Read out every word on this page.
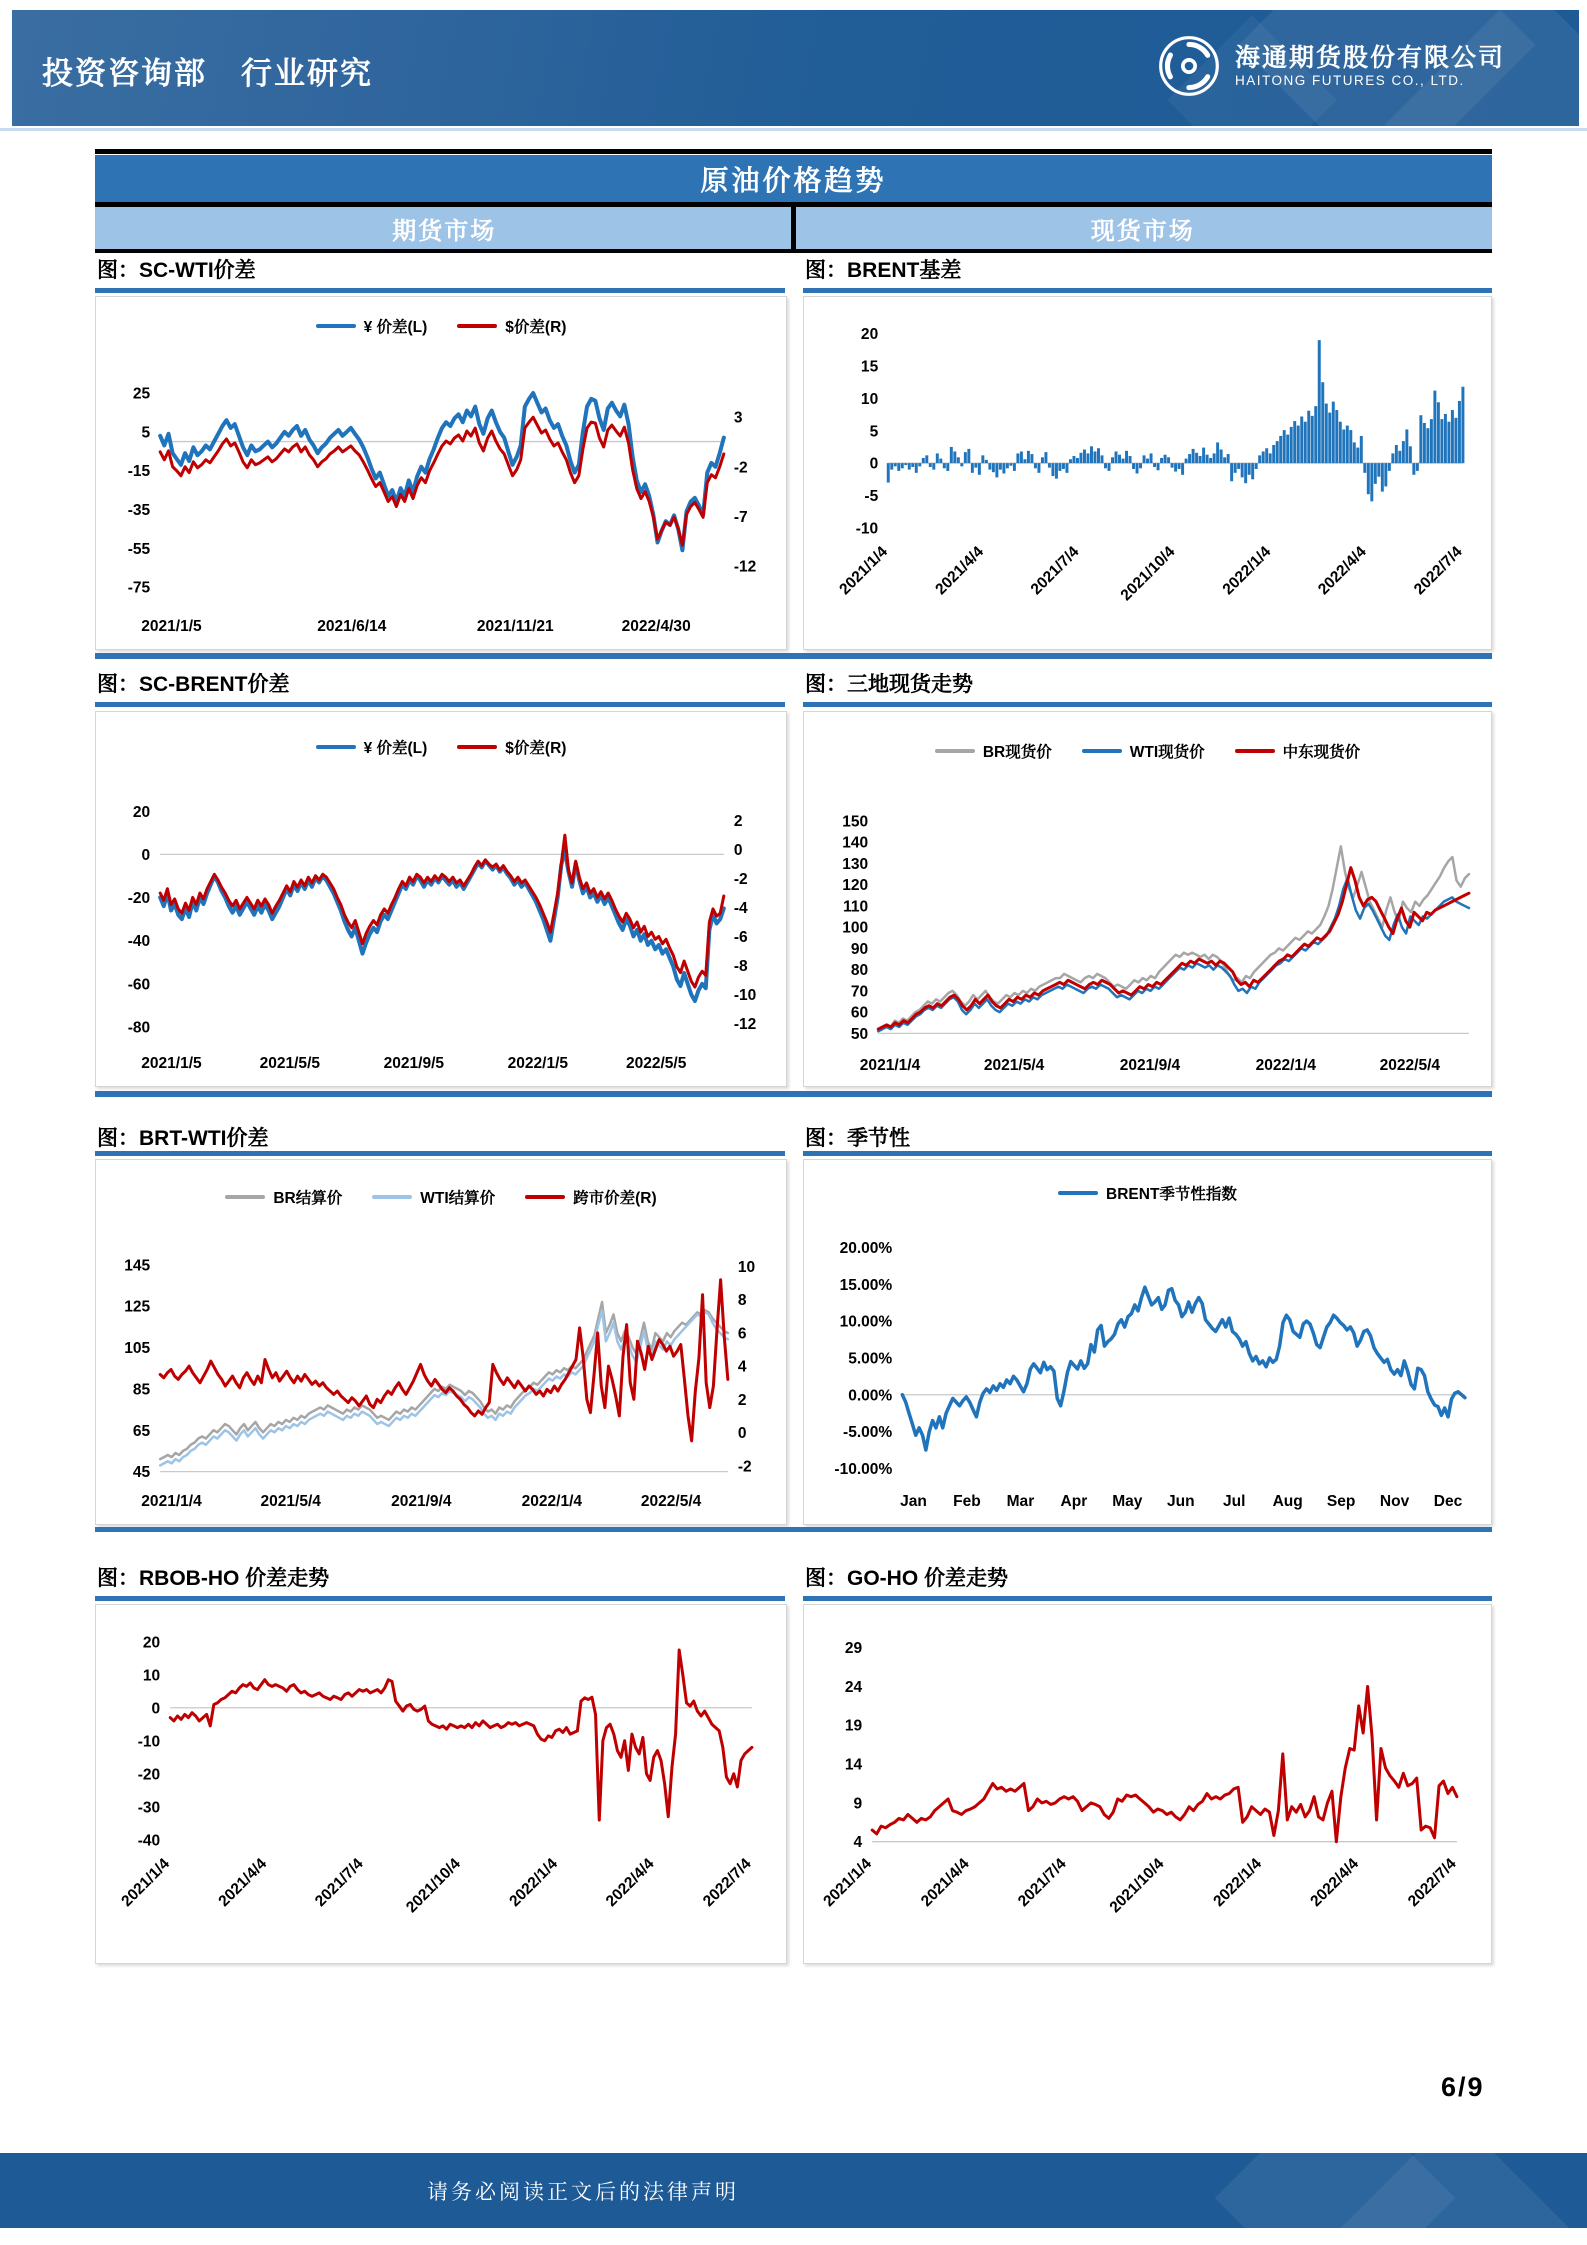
投资咨询部 行业研究	海通期货股份有限公司
HAITONG FUTURES CO., LTD.
原油价格趋势
期货市场	现货市场
图：SC-WTI价差
¥ 价差(L)	$价差(R)
25
5
-15
-35
-55
-75
3
-2
-7
-12
2021/1/5	2021/6/14	2021/11/21	2022/4/30
图：BRENT基差
20
15
10
5
0
-5
-10
2021/1/4	2021/4/4	2021/7/4 2021/10/4	2022/1/4	2022/4/4	2022/7/4
图：SC-BRENT价差
¥ 价差(L)	$价差(R)
20
0
-20
-40
-60
-80
2
0
-2
-4
-6
-8
-10
-12
2021/1/5	2021/5/5	2021/9/5	2022/1/5	2022/5/5
图：三地现货走势
BR现货价	WTI现货价	中东现货价
150
140
130
120
110
100
90
80
70
60
50
2021/1/4	2021/5/4	2021/9/4	2022/1/4	2022/5/4
图：BRT-WTI价差
BR结算价	WTI结算价	跨市价差(R)
145
125
105
85
65
45
10
8
6
4
2
0
-2
2021/1/4	2021/5/4	2021/9/4	2022/1/4	2022/5/4
图：季节性
BRENT季节性指数
20.00%
15.00%
10.00%
5.00%
0.00%
-5.00%
-10.00%
Jan Feb Mar Apr May Jun Jul Aug Sep Nov Dec
图：RBOB-HO 价差走势
20
10
0
-10
-20
-30
-40
2021/1/4	2021/4/4	2021/7/4 2021/10/4	2022/1/4	2022/4/4	2022/7/4
图：GO-HO 价差走势
29
24
19
14
9
4
2021/1/4	2021/4/4	2021/7/4 2021/10/4	2022/1/4	2022/4/4	2022/7/4
6/9
请务必阅读正文后的法律声明
